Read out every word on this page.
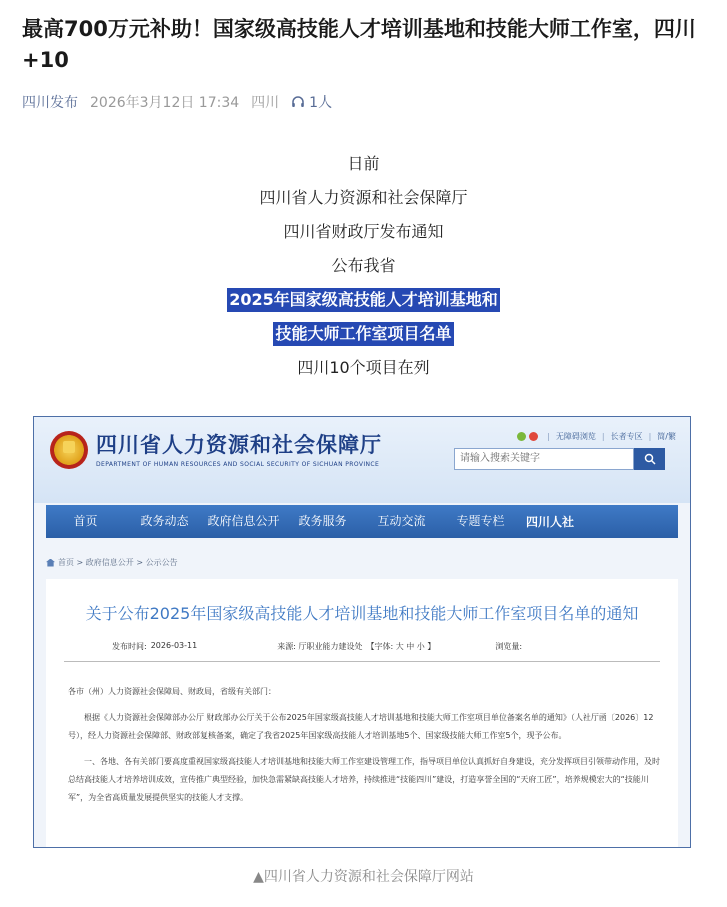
最高700万元补助！国家级高技能人才培训基地和技能大师工作室，四川+10
四川发布 2026年3月12日 17:34 四川 1人
日前
四川省人力资源和社会保障厅
四川省财政厅发布通知
公布我省
2025年国家级高技能人才培训基地和
技能大师工作室项目名单
四川10个项目在列
四川省人力资源和社会保障厅
DEPARTMENT OF HUMAN RESOURCES AND SOCIAL SECURITY OF SICHUAN PROVINCE
| 无障碍浏览 | 长者专区 | 简 / 繁
请输入搜索关键字
首页	政务动态	政府信息公开	政务服务	互动交流	专题专栏	四川人社
首页 > 政府信息公开 > 公示公告
关于公布2025年国家级高技能人才培训基地和技能大师工作室项目名单的通知
发布时间: 2026-03-11	来源: 厅职业能力建设处 【字体: 大 中 小 】	浏览量:

各市（州）人力资源社会保障局、财政局，省级有关部门：

根据《人力资源社会保障部办公厅 财政部办公厅关于公布2025年国家级高技能人才培训基地和技能大师工作室项目单位备案名单的通知》（人社厅函〔2026〕12号），经人力资源社会保障部、财政部复核备案，确定了我省2025年国家级高技能人才培训基地5个、国家级技能大师工作室5个，现予公布。

一、各地、各有关部门要高度重视国家级高技能人才培训基地和技能大师工作室建设管理工作，指导项目单位认真抓好自身建设，充分发挥项目引领带动作用，及时总结高技能人才培养培训成效，宣传推广典型经验，加快急需紧缺高技能人才培养，持续推进“技能四川”建设，打造享誉全国的“天府工匠”，培养规模宏大的“技能川军”，为全省高质量发展提供坚实的技能人才支撑。

▲四川省人力资源和社会保障厅网站
